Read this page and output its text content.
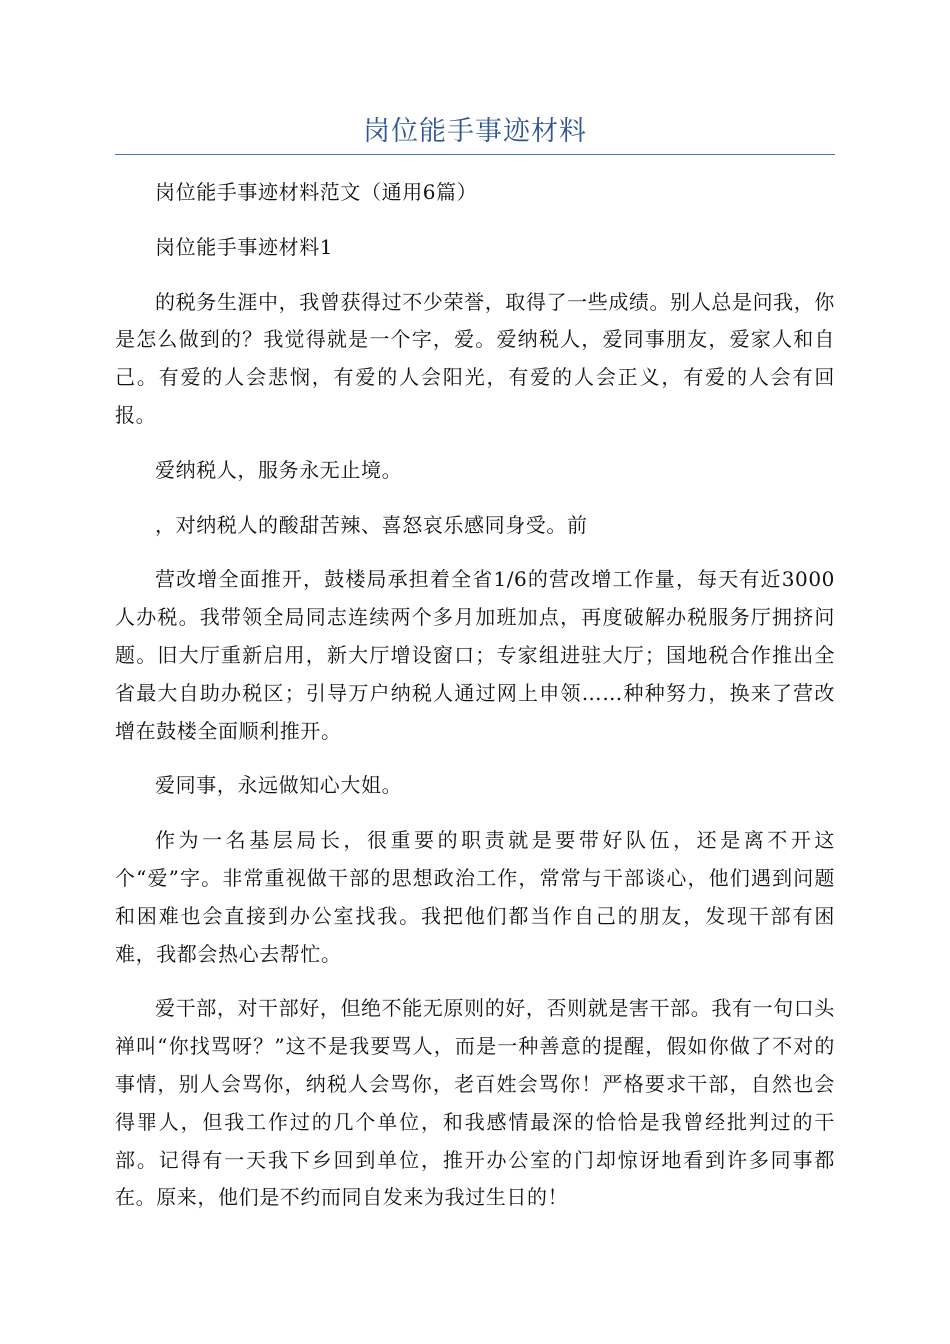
岗位能手事迹材料

岗位能手事迹材料范文（通用6篇）

岗位能手事迹材料1

的税务生涯中，我曾获得过不少荣誉，取得了一些成绩。别人总是问我，你是怎么做到的？我觉得就是一个字，爱。爱纳税人，爱同事朋友，爱家人和自己。有爱的人会悲悯，有爱的人会阳光，有爱的人会正义，有爱的人会有回报。

爱纳税人，服务永无止境。

，对纳税人的酸甜苦辣、喜怒哀乐感同身受。前

营改增全面推开，鼓楼局承担着全省1/6的营改增工作量，每天有近3000人办税。我带领全局同志连续两个多月加班加点，再度破解办税服务厅拥挤问题。旧大厅重新启用，新大厅增设窗口；专家组进驻大厅；国地税合作推出全省最大自助办税区；引导万户纳税人通过网上申领……种种努力，换来了营改增在鼓楼全面顺利推开。

爱同事，永远做知心大姐。

作为一名基层局长，很重要的职责就是要带好队伍，还是离不开这个“爱”字。非常重视做干部的思想政治工作，常常与干部谈心，他们遇到问题和困难也会直接到办公室找我。我把他们都当作自己的朋友，发现干部有困难，我都会热心去帮忙。

爱干部，对干部好，但绝不能无原则的好，否则就是害干部。我有一句口头禅叫“你找骂呀？”这不是我要骂人，而是一种善意的提醒，假如你做了不对的事情，别人会骂你，纳税人会骂你，老百姓会骂你！严格要求干部，自然也会得罪人，但我工作过的几个单位，和我感情最深的恰恰是我曾经批判过的干部。记得有一天我下乡回到单位，推开办公室的门却惊讶地看到许多同事都在。原来，他们是不约而同自发来为我过生日的！
